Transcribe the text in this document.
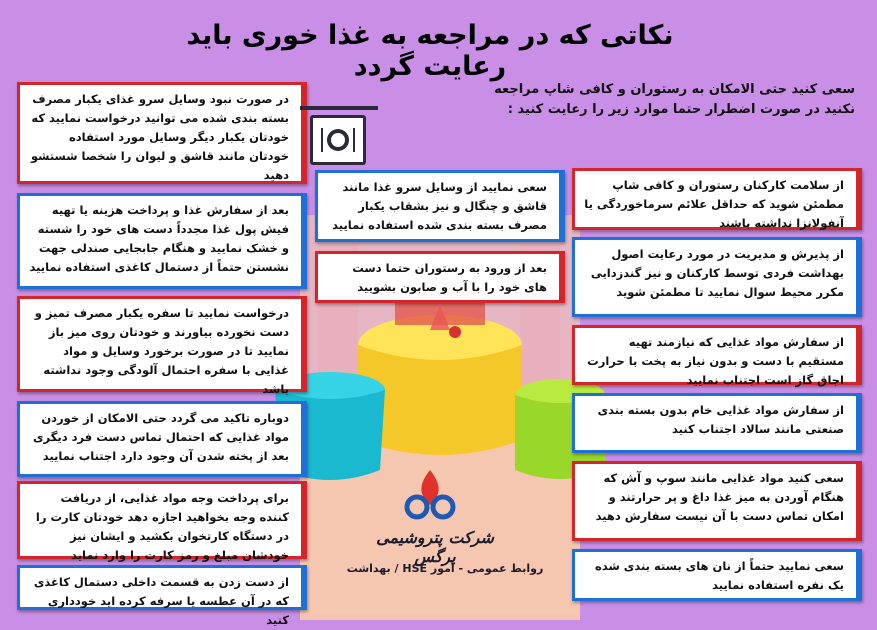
نکاتی که در مراجعه به غذا خوری باید رعایت گردد
سعی کنید حتی الامکان به رستوران و کافی شاپ مراجعه
نکنید در صورت اضطرار حتما موارد زیر را رعایت کنید :
در صورت نبود وسایل سرو غذای یکبار مصرف بسته بندی شده می توانید درخواست نمایید که خودتان یکبار دیگر وسایل مورد استفاده خودتان مانند قاشق و لیوان را شخصا شستشو دهید
بعد از سفارش غذا و پرداخت هزینه یا تهیه فیش پول غذا مجدداً دست های خود را شسته و خشک نمایید و هنگام جابجایی صندلی جهت نشستن حتماً از دستمال کاغذی استفاده نمایید
درخواست نمایید تا سفره یکبار مصرف تمیز و دست نخورده بیاورند و خودتان روی میز باز نمایید تا در صورت برخورد وسایل و مواد غذایی با سفره احتمال آلودگی وجود نداشته باشد
دوباره تاکید می گردد حتی الامکان از خوردن مواد غذایی که احتمال تماس دست فرد دیگری بعد از پخته شدن آن وجود دارد اجتناب نمایید
برای پرداخت وجه مواد غذایی، از دریافت کننده وجه بخواهید اجازه دهد خودتان کارت را در دستگاه کارتخوان بکشید و ایشان نیز خودشان مبلغ و رمز کارت را وارد نماید
از دست زدن به قسمت داخلی دستمال کاغذی که در آن عطسه یا سرفه کرده اید خودداری کنید
سعی نمایید از وسایل سرو غذا مانند قاشق و چنگال و نیز بشقاب یکبار مصرف بسته بندی شده استفاده نمایید
بعد از ورود به رستوران حتما دست های خود را با آب و صابون بشویید
از سلامت کارکنان رستوران و کافی شاپ مطمئن شوید که حداقل علائم سرماخوردگی یا آنفولانزا نداشته باشند
از پذیرش و مدیریت در مورد رعایت اصول بهداشت فردی توسط کارکنان و نیز گندزدایی مکرر محیط سوال نمایید تا مطمئن شوید
از سفارش مواد غذایی که نیازمند تهیه مستقیم با دست و بدون نیاز به پخت با حرارت اجاق گاز است اجتناب نمایید
از سفارش مواد غذایی خام بدون بسته بندی صنعتی مانند سالاد اجتناب کنید
سعی کنید مواد غذایی مانند سوپ و آش که هنگام آوردن به میز غذا داغ و پر حرارتند و امکان تماس دست با آن نیست سفارش دهید
سعی نمایید حتماً از نان های بسته بندی شده یک نفره استفاده نمایید
شرکت پتروشیمی پرگس
روابط عمومی - امور HSE / بهداشت
